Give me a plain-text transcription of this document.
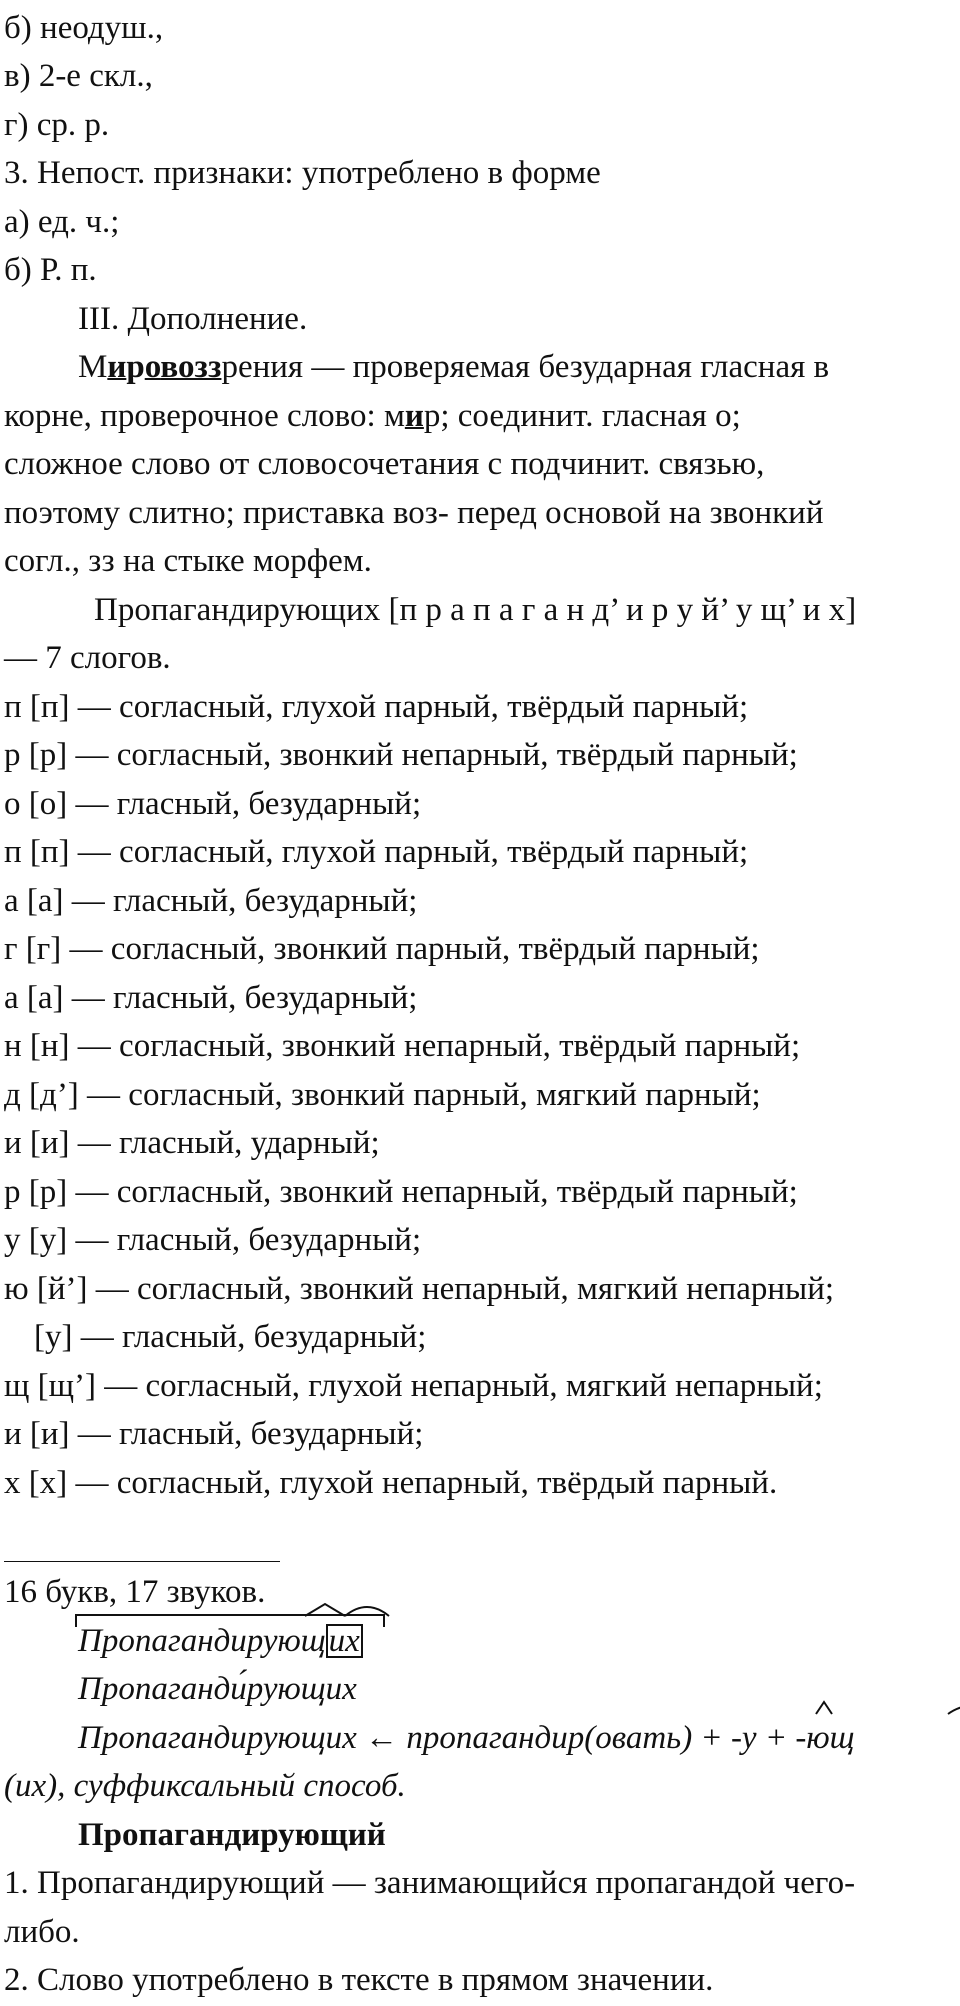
б) неодуш.,
в) 2-е скл.,
г) ср. р.
3. Непост. признаки: употреблено в форме
а) ед. ч.;
б) Р. п.
III. Дополнение.
Мировоззрения — проверяемая безударная гласная в
корне, проверочное слово: мир; соединит. гласная о;
сложное слово от словосочетания с подчинит. связью,
поэтому слитно; приставка воз- перед основой на звонкий
согл., зз на стыке морфем.
Пропагандирующих [п р а п а г а н д’ и р у й’ у щ’ и х]
— 7 слогов.
п [п] — согласный, глухой парный, твёрдый парный;
р [р] — согласный, звонкий непарный, твёрдый парный;
о [о] — гласный, безударный;
п [п] — согласный, глухой парный, твёрдый парный;
а [а] — гласный, безударный;
г [г] — согласный, звонкий парный, твёрдый парный;
а [а] — гласный, безударный;
н [н] — согласный, звонкий непарный, твёрдый парный;
д [д’] — согласный, звонкий парный, мягкий парный;
и [и] — гласный, ударный;
р [р] — согласный, звонкий непарный, твёрдый парный;
у [у] — гласный, безударный;
ю [й’] — согласный, звонкий непарный, мягкий непарный;
[у] — гласный, безударный;
щ [щ’] — согласный, глухой непарный, мягкий непарный;
и [и] — гласный, безударный;
х [х] — согласный, глухой непарный, твёрдый парный.
16 букв, 17 звуков.
Пропагандирующ
их
Пропаганди́рующих
Пропагандирующих ← пропагандир(овать) + -у + -ющ
(их), суффиксальный способ.
Пропагандирующий
1. Пропагандирующий — занимающийся пропагандой чего-
либо.
2. Слово употреблено в тексте в прямом значении.
